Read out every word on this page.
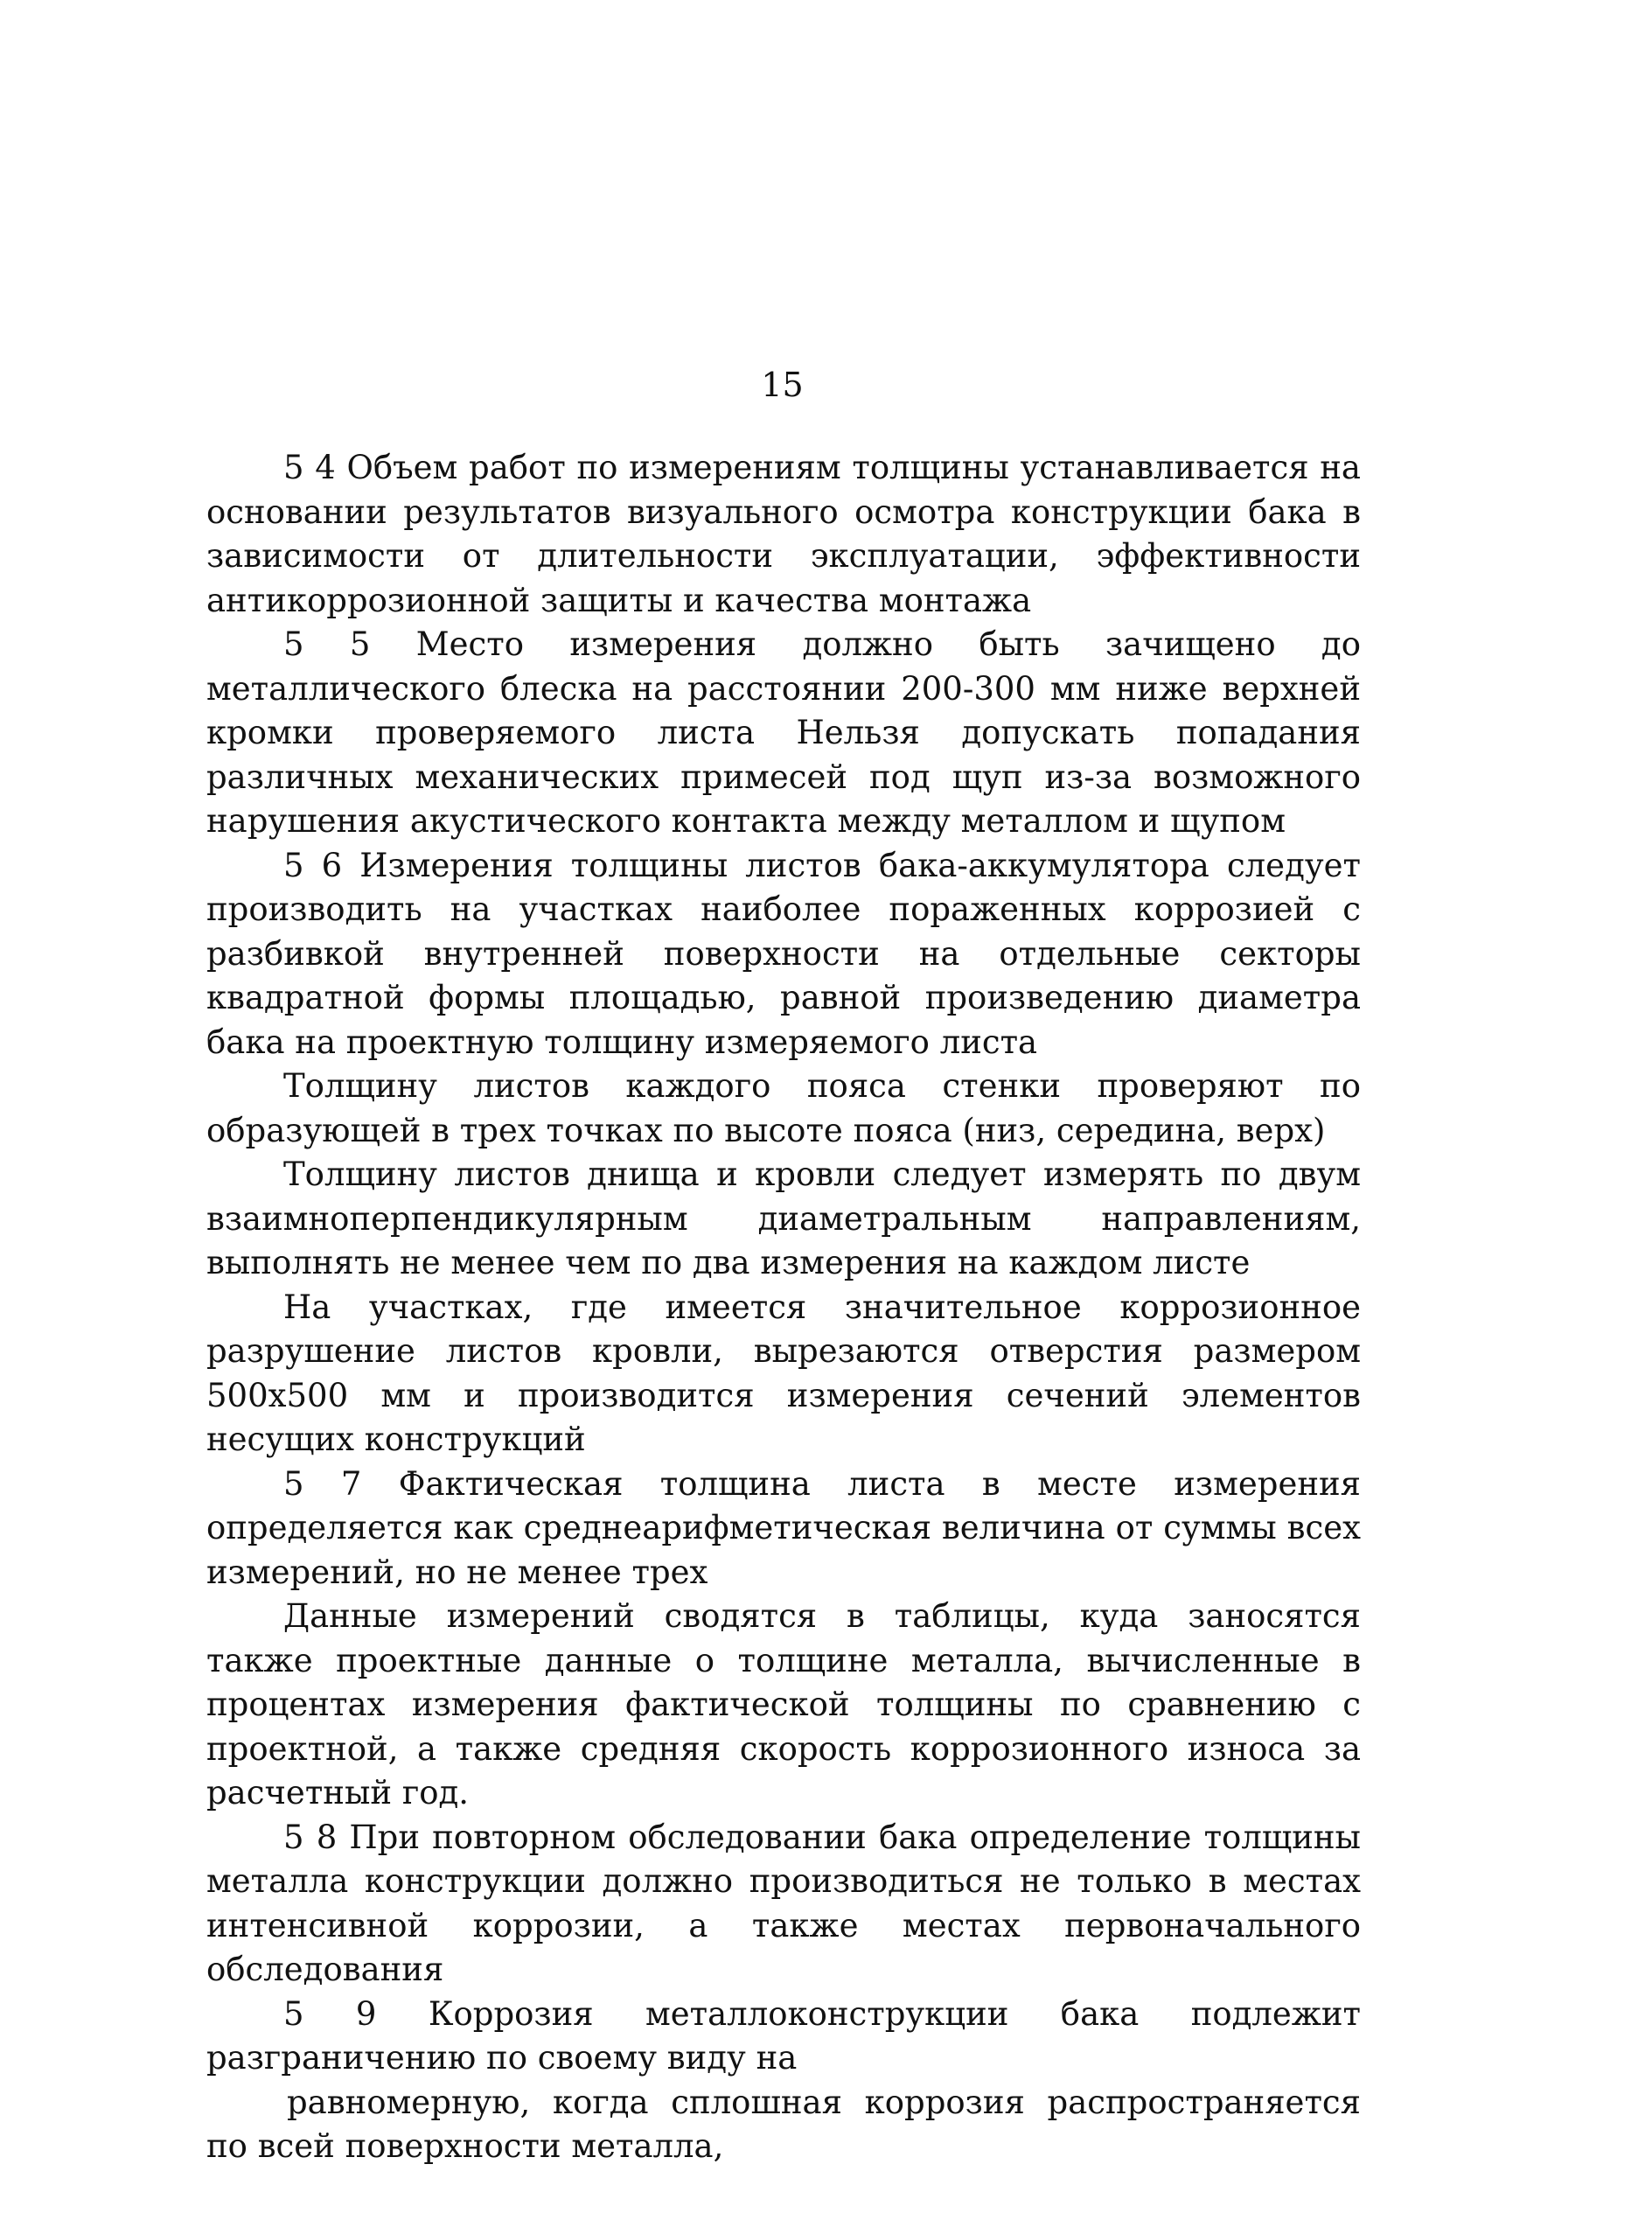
15

5 4 Объем работ по измерениям толщины устанавливается на основании результатов визуального осмотра конструкции бака в зависимости от длительности эксплуатации, эффективности антикоррозионной защиты и качества монтажа

5 5 Место измерения должно быть зачищено до металлического блеска на расстоянии 200-300 мм ниже верхней кромки проверяемого листа Нельзя допускать попадания различных механических примесей под щуп из-за возможного нарушения акустического контакта между металлом и щупом

5 6 Измерения толщины листов бака-аккумулятора следует производить на участках наиболее пораженных коррозией с разбивкой внутренней поверхности на отдельные секторы квадратной формы площадью, равной произведению диаметра бака на проектную толщину измеряемого листа

Толщину листов каждого пояса стенки проверяют по образующей в трех точках по высоте пояса (низ, середина, верх)

Толщину листов днища и кровли следует измерять по двум взаимноперпендикулярным диаметральным направлениям, выполнять не менее чем по два измерения на каждом листе

На участках, где имеется значительное коррозионное разрушение листов кровли, вырезаются отверстия размером 500х500 мм и производится измерения сечений элементов несущих конструкций

5 7 Фактическая толщина листа в месте измерения определяется как среднеарифметическая величина от суммы всех измерений, но не менее трех

Данные измерений сводятся в таблицы, куда заносятся также проектные данные о толщине металла, вычисленные в процентах измерения фактической толщины по сравнению с проектной, а также средняя скорость коррозионного износа за расчетный год.

5 8 При повторном обследовании бака определение толщины металла конструкции должно производиться не только в местах интенсивной коррозии, а также местах первоначального обследования

5 9 Коррозия металлоконструкции бака подлежит разграничению по своему виду на

равномерную, когда сплошная коррозия распространяется по всей поверхности металла,
